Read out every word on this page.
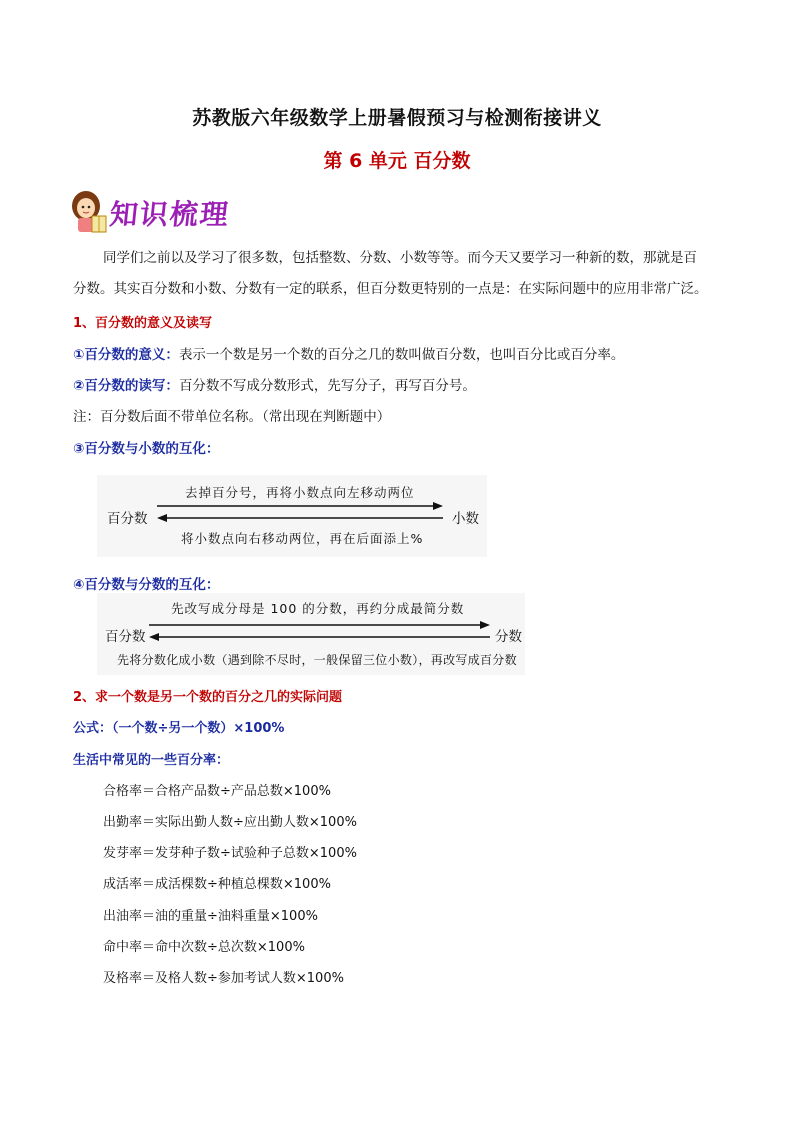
苏教版六年级数学上册暑假预习与检测衔接讲义
第 6 单元 百分数
知识梳理
同学们之前以及学习了很多数，包括整数、分数、小数等等。而今天又要学习一种新的数，那就是百
分数。其实百分数和小数、分数有一定的联系，但百分数更特别的一点是：在实际问题中的应用非常广泛。
1、百分数的意义及读写
①百分数的意义：表示一个数是另一个数的百分之几的数叫做百分数，也叫百分比或百分率。
②百分数的读写：百分数不写成分数形式，先写分子，再写百分号。
注：百分数后面不带单位名称。（常出现在判断题中）
③百分数与小数的互化：
去掉百分号，再将小数点向左移动两位
百分数	小数
将小数点向右移动两位，再在后面添上%
④百分数与分数的互化：
先改写成分母是 100 的分数，再约分成最简分数
百分数	分数
先将分数化成小数（遇到除不尽时，一般保留三位小数），再改写成百分数
2、求一个数是另一个数的百分之几的实际问题
公式：（一个数÷另一个数）×100%
生活中常见的一些百分率：
合格率＝合格产品数÷产品总数×100%
出勤率＝实际出勤人数÷应出勤人数×100%
发芽率＝发芽种子数÷试验种子总数×100%
成活率＝成活棵数÷种植总棵数×100%
出油率＝油的重量÷油料重量×100%
命中率＝命中次数÷总次数×100%
及格率＝及格人数÷参加考试人数×100%
